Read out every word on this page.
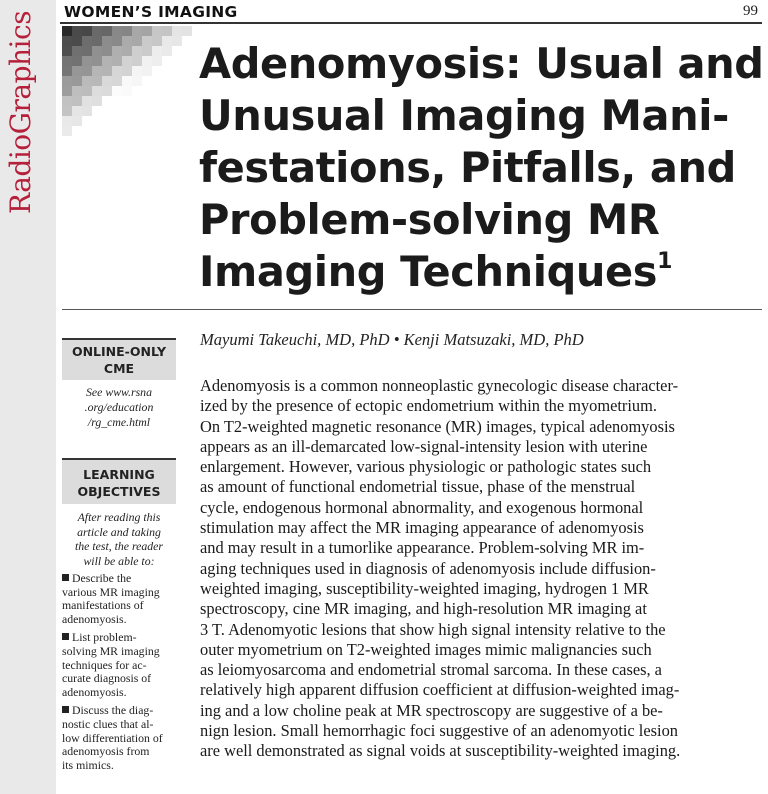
RadioGraphics WOMEN’S IMAGING	99
Adenomyosis: Usual and
Unusual Imaging Mani-
festations, Pitfalls, and
Problem-solving MR
Imaging Techniques$^1$
Mayumi Takeuchi, MD, PhD • Kenji Matsuzaki, MD, PhD
ONLINE-ONLY
CME
See www.rsna
.org/education
/rg_cme.html
LEARNING
OBJECTIVES
After reading this
article and taking
the test, the reader
will be able to:
Describe the
various MR imaging
manifestations of
adenomyosis.
List problem-
solving MR imaging
techniques for ac-
curate diagnosis of
adenomyosis.
Discuss the diag-
nostic clues that al-
low differentiation of
adenomyosis from
its mimics.

Adenomyosis is a common nonneoplastic gynecologic disease character-
ized by the presence of ectopic endometrium within the myometrium.
On T2-weighted magnetic resonance (MR) images, typical adenomyosis
appears as an ill-demarcated low-signal-intensity lesion with uterine
enlargement. However, various physiologic or pathologic states such
as amount of functional endometrial tissue, phase of the menstrual
cycle, endogenous hormonal abnormality, and exogenous hormonal
stimulation may affect the MR imaging appearance of adenomyosis
and may result in a tumorlike appearance. Problem-solving MR im-
aging techniques used in diagnosis of adenomyosis include diffusion-
weighted imaging, susceptibility-weighted imaging, hydrogen 1 MR
spectroscopy, cine MR imaging, and high-resolution MR imaging at
3 T. Adenomyotic lesions that show high signal intensity relative to the
outer myometrium on T2-weighted images mimic malignancies such
as leiomyosarcoma and endometrial stromal sarcoma. In these cases, a
relatively high apparent diffusion coefficient at diffusion-weighted imag-
ing and a low choline peak at MR spectroscopy are suggestive of a be-
nign lesion. Small hemorrhagic foci suggestive of an adenomyotic lesion
are well demonstrated as signal voids at susceptibility-weighted imaging.
